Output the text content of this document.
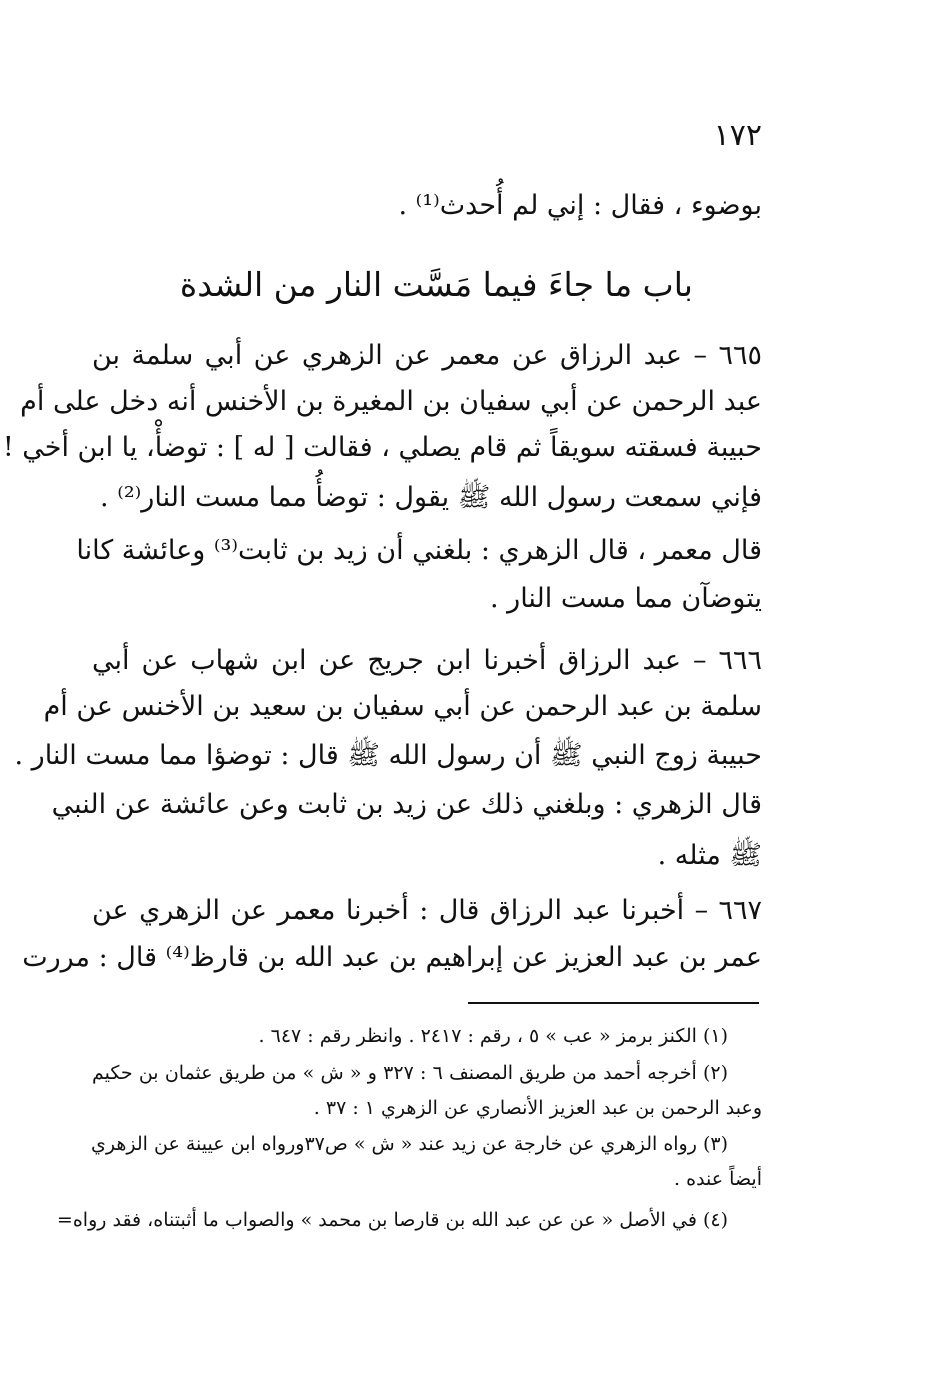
١٧٢
بوضوء ، فقال : إني لم أُحدث⁽¹⁾ .
باب ما جاءَ فيما مَسَّت النار من الشدة
٦٦٥ – عبد الرزاق عن معمر عن الزهري عن أبي سلمة بن
عبد الرحمن عن أبي سفيان بن المغيرة بن الأخنس أنه دخل على أم
حبيبة فسقته سويقاً ثم قام يصلي ، فقالت [ له ] : توضأْ، يا ابن أخي !
فإني سمعت رسول الله ﷺ يقول : توضأُ مما مست النار⁽²⁾ .
قال معمر ، قال الزهري : بلغني أن زيد بن ثابت⁽³⁾ وعائشة كانا
يتوضآن مما مست النار .
٦٦٦ – عبد الرزاق أخبرنا ابن جريج عن ابن شهاب عن أبي
سلمة بن عبد الرحمن عن أبي سفيان بن سعيد بن الأخنس عن أم
حبيبة زوج النبي ﷺ أن رسول الله ﷺ قال : توضؤا مما مست النار .
قال الزهري : وبلغني ذلك عن زيد بن ثابت وعن عائشة عن النبي
ﷺ مثله .
٦٦٧ – أخبرنا عبد الرزاق قال : أخبرنا معمر عن الزهري عن
عمر بن عبد العزيز عن إبراهيم بن عبد الله بن قارظ⁽⁴⁾ قال : مررت
(١) الكنز برمز « عب » ٥ ، رقم : ٢٤١٧ . وانظر رقم : ٦٤٧ .
(٢) أخرجه أحمد من طريق المصنف ٦ : ٣٢٧ و « ش » من طريق عثمان بن حكيم
وعبد الرحمن بن عبد العزيز الأنصاري عن الزهري ١ : ٣٧ .
(٣) رواه الزهري عن خارجة عن زيد عند « ش » ص٣٧ورواه ابن عيينة عن الزهري
أيضاً عنده .
(٤) في الأصل « عن عن عبد الله بن قارصا بن محمد » والصواب ما أثبتناه، فقد رواه=
